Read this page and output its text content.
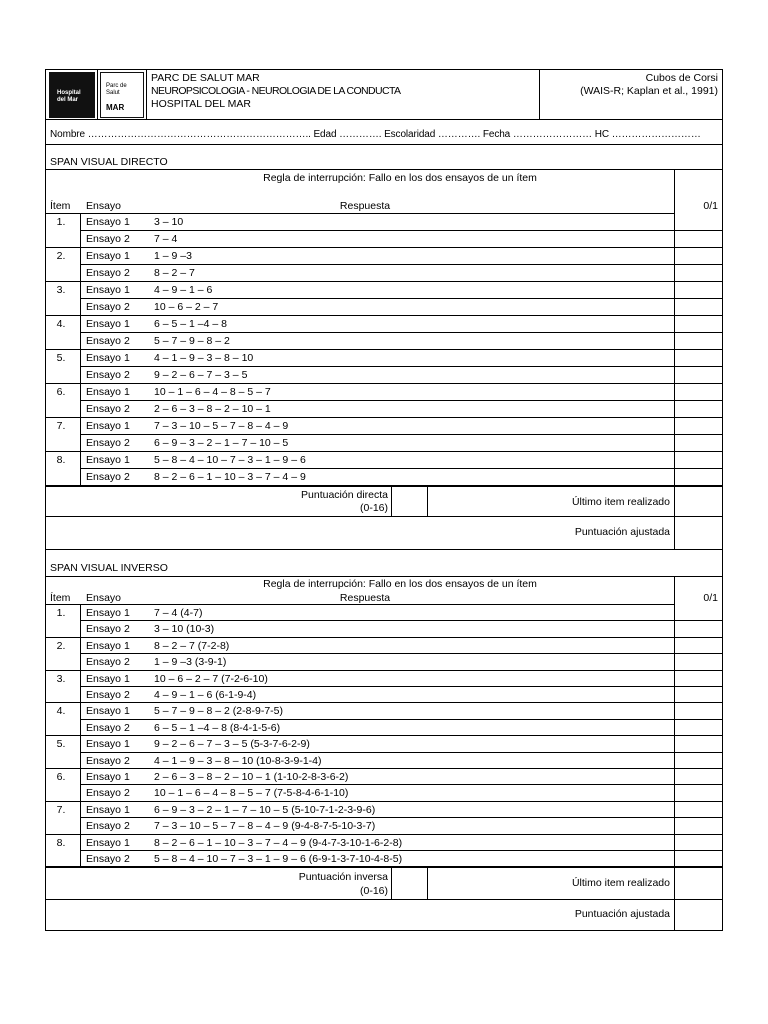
Hospital del Mar
Parc de Salut
MAR
PARC DE SALUT MAR
NEUROPSICOLOGIA - NEUROLOGIA DE LA CONDUCTA
HOSPITAL DEL MAR
Cubos de Corsi
(WAIS-R; Kaplan et al., 1991)
Nombre ………………………………………………………….. Edad …………. Escolaridad …………. Fecha …………………… HC ………………………
SPAN VISUAL DIRECTO
Regla de interrupción: Fallo en los dos ensayos de un ítem
Ítem Ensayo	Respuesta	0/1
1.	Ensayo 1	3 – 10
Ensayo 2	7 – 4
2.	Ensayo 1	1 – 9 –3
Ensayo 2	8 – 2 – 7
3.	Ensayo 1	4 – 9 – 1 – 6
Ensayo 2	10 – 6 – 2 – 7
4.	Ensayo 1	6 – 5 – 1 –4 – 8
Ensayo 2	5 – 7 – 9 – 8 – 2
5.	Ensayo 1	4 – 1 – 9 – 3 – 8 – 10
Ensayo 2	9 – 2 – 6 – 7 – 3 – 5
6.	Ensayo 1	10 – 1 – 6 – 4 – 8 – 5 – 7
Ensayo 2	2 – 6 – 3 – 8 – 2 – 10 – 1
7.	Ensayo 1	7 – 3 – 10 – 5 – 7 – 8 – 4 – 9
Ensayo 2	6 – 9 – 3 – 2 – 1 – 7 – 10 – 5
8.	Ensayo 1	5 – 8 – 4 – 10 – 7 – 3 – 1 – 9 – 6
Ensayo 2	8 – 2 – 6 – 1 – 10 – 3 – 7 – 4 – 9
Puntuación directa
(0-16)	Último item realizado
Puntuación ajustada
SPAN VISUAL INVERSO
Regla de interrupción: Fallo en los dos ensayos de un ítem
Ítem Ensayo	Respuesta	0/1
1.	Ensayo 1	7 – 4 (4-7)
Ensayo 2	3 – 10 (10-3)
2.	Ensayo 1	8 – 2 – 7 (7-2-8)
Ensayo 2	1 – 9 –3 (3-9-1)
3.	Ensayo 1	10 – 6 – 2 – 7 (7-2-6-10)
Ensayo 2	4 – 9 – 1 – 6 (6-1-9-4)
4.	Ensayo 1	5 – 7 – 9 – 8 – 2 (2-8-9-7-5)
Ensayo 2	6 – 5 – 1 –4 – 8 (8-4-1-5-6)
5.	Ensayo 1	9 – 2 – 6 – 7 – 3 – 5 (5-3-7-6-2-9)
Ensayo 2	4 – 1 – 9 – 3 – 8 – 10 (10-8-3-9-1-4)
6.	Ensayo 1	2 – 6 – 3 – 8 – 2 – 10 – 1 (1-10-2-8-3-6-2)
Ensayo 2	10 – 1 – 6 – 4 – 8 – 5 – 7 (7-5-8-4-6-1-10)
7.	Ensayo 1	6 – 9 – 3 – 2 – 1 – 7 – 10 – 5 (5-10-7-1-2-3-9-6)
Ensayo 2	7 – 3 – 10 – 5 – 7 – 8 – 4 – 9 (9-4-8-7-5-10-3-7)
8.	Ensayo 1	8 – 2 – 6 – 1 – 10 – 3 – 7 – 4 – 9 (9-4-7-3-10-1-6-2-8)
Ensayo 2	5 – 8 – 4 – 10 – 7 – 3 – 1 – 9 – 6 (6-9-1-3-7-10-4-8-5)
Puntuación inversa
(0-16)
Último item realizado
Puntuación ajustada
